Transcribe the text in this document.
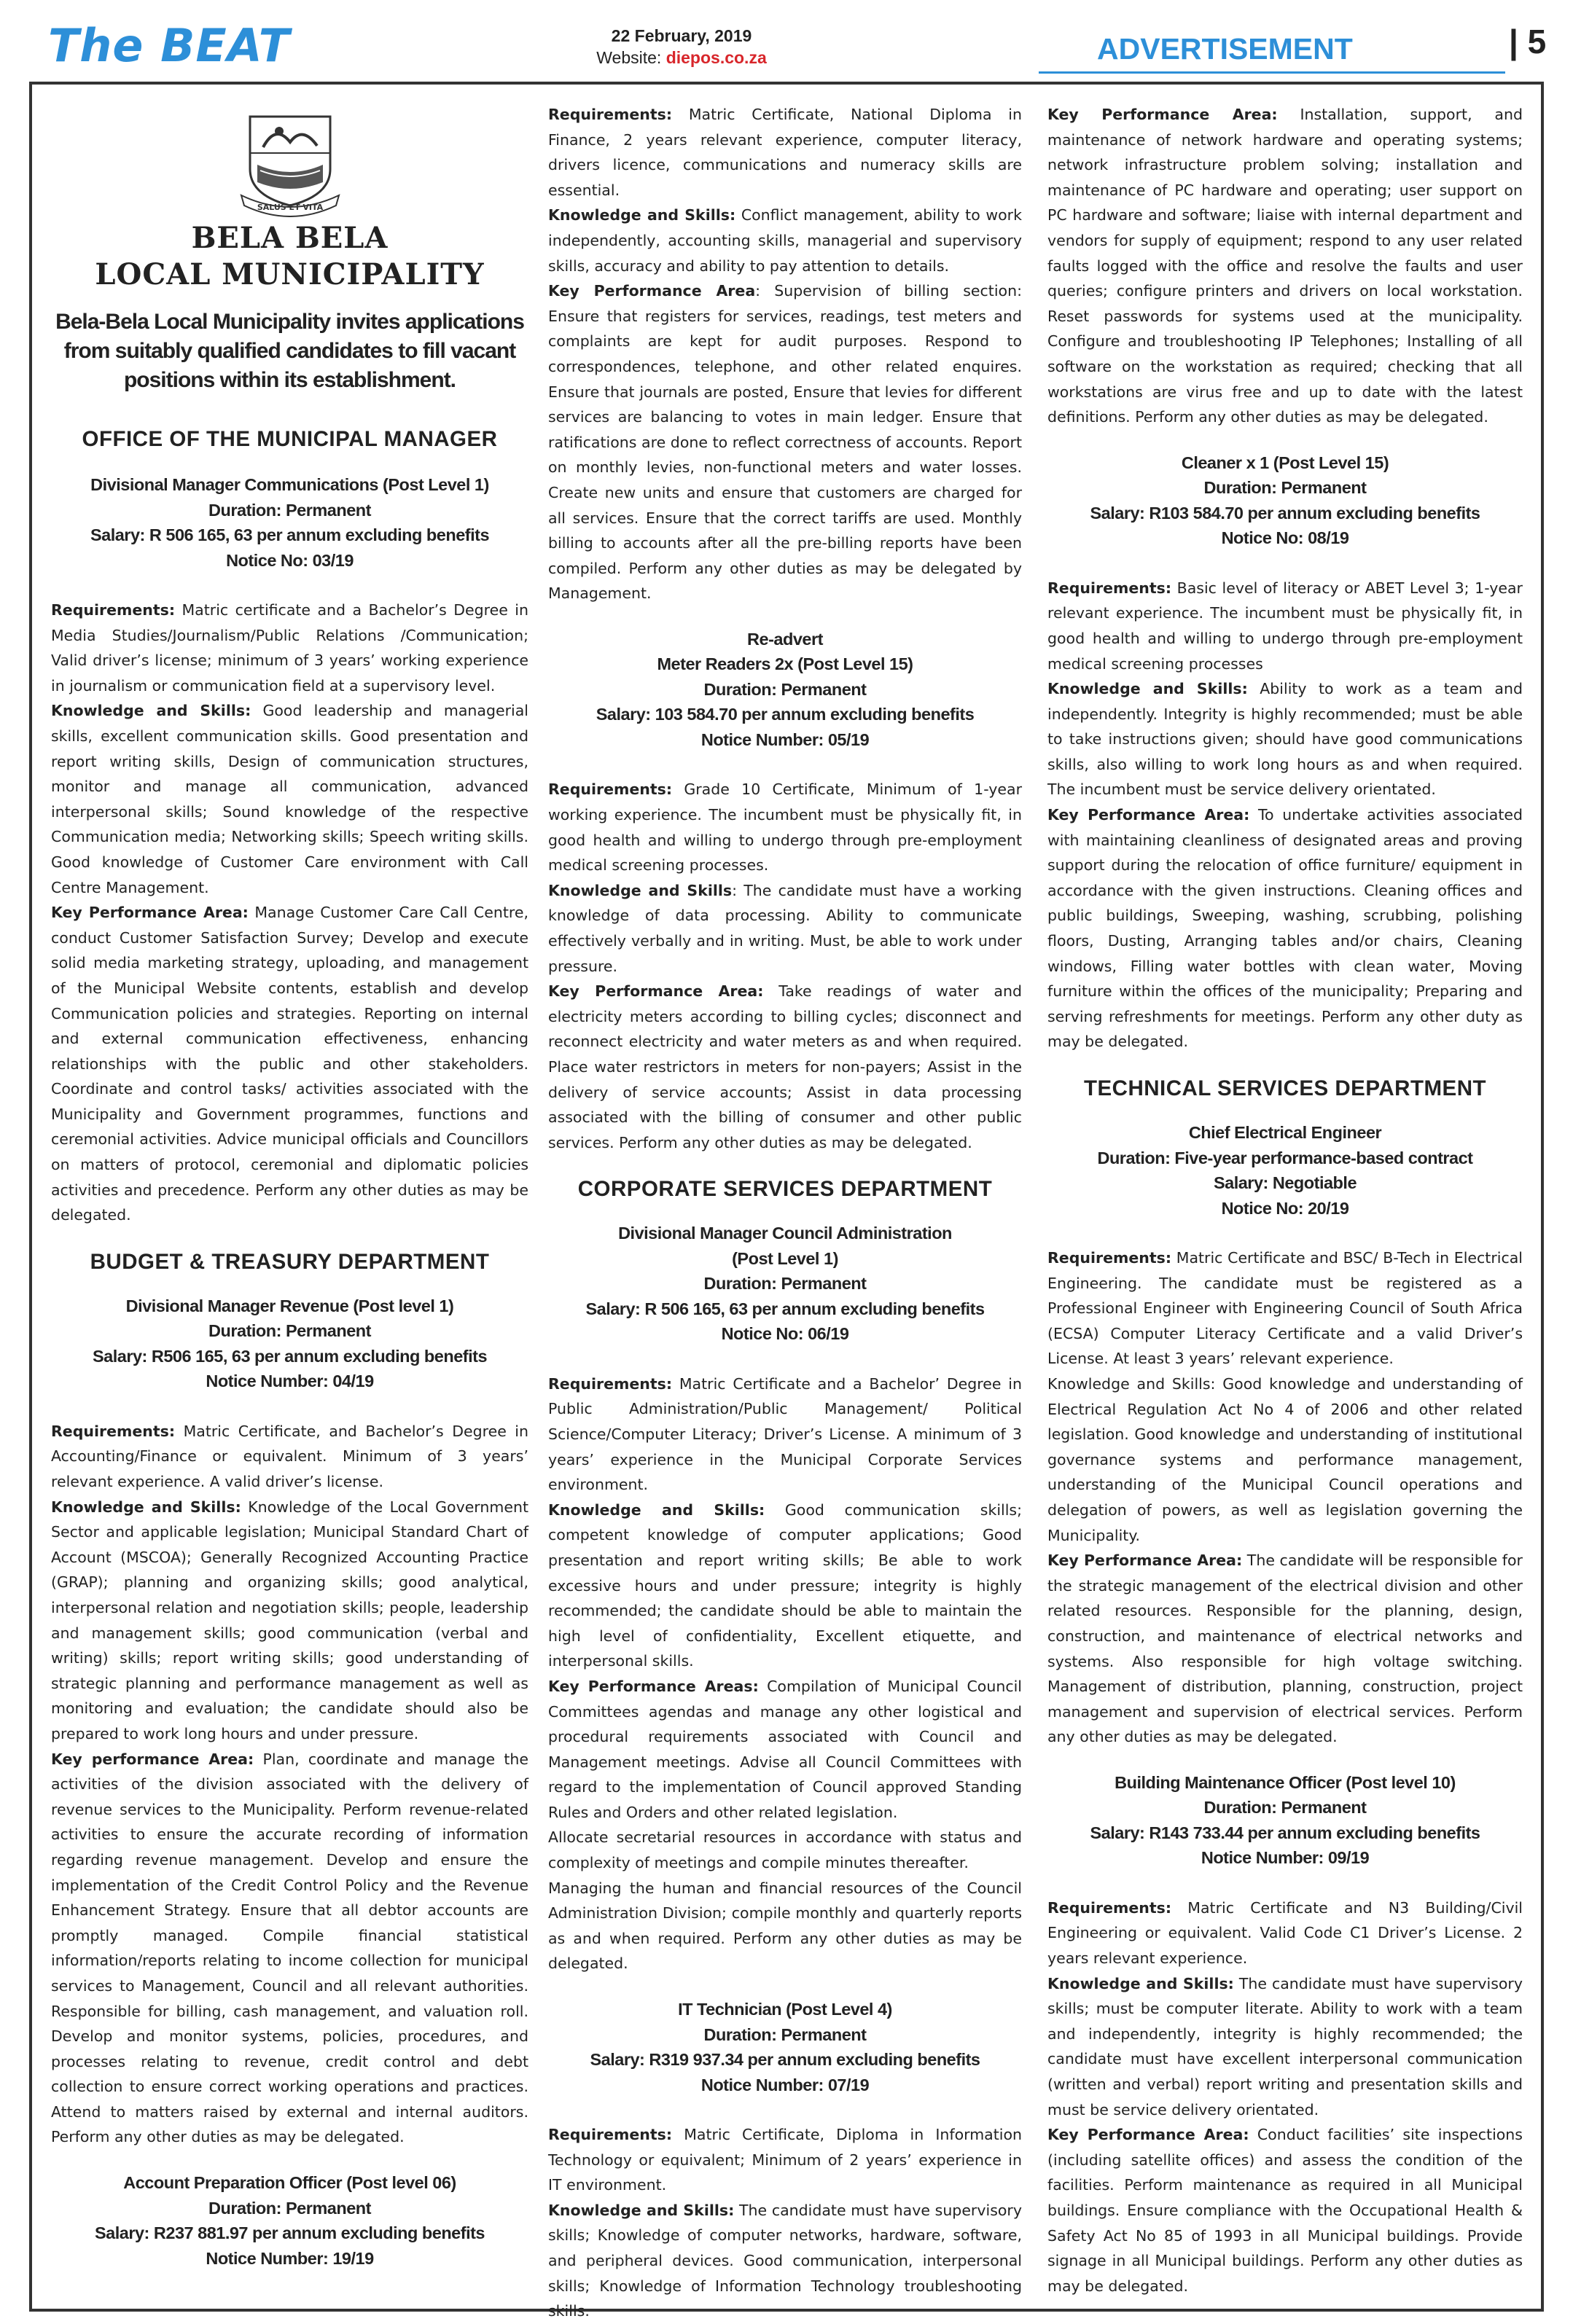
The BEAT	22 February, 2019
Website: diepos.co.za	ADVERTISEMENT	| 5
SALUS ET VITA
BELA BELA
LOCAL MUNICIPALITY
Bela-Bela Local Municipality invites applications from suitably qualified candidates to fill vacant positions within its establishment.
OFFICE OF THE MUNICIPAL MANAGER
Divisional Manager Communications (Post Level 1)
Duration: Permanent
Salary: R 506 165, 63 per annum excluding benefits
Notice No: 03/19

Requirements: Matric certificate and a Bachelor’s Degree in Media Studies/Journalism/Public Relations /Communication; Valid driver’s license; minimum of 3 years’ working experience in journalism or communication field at a supervisory level.

Knowledge and Skills: Good leadership and managerial skills, excellent communication skills. Good presentation and report writing skills, Design of communication structures, monitor and manage all communication, advanced interpersonal skills; Sound knowledge of the respective Communication media; Networking skills; Speech writing skills. Good knowledge of Customer Care environment with Call Centre Management.

Key Performance Area: Manage Customer Care Call Centre, conduct Customer Satisfaction Survey; Develop and execute solid media marketing strategy, uploading, and management of the Municipal Website contents, establish and develop Communication policies and strategies. Reporting on internal and external communication effectiveness, enhancing relationships with the public and other stakeholders. Coordinate and control tasks/ activities associated with the Municipality and Government programmes, functions and ceremonial activities. Advice municipal officials and Councillors on matters of protocol, ceremonial and diplomatic policies activities and precedence. Perform any other duties as may be delegated.

BUDGET & TREASURY DEPARTMENT
Divisional Manager Revenue (Post level 1)
Duration: Permanent
Salary: R506 165, 63 per annum excluding benefits
Notice Number: 04/19

Requirements: Matric Certificate, and Bachelor’s Degree in Accounting/Finance or equivalent. Minimum of 3 years’ relevant experience. A valid driver’s license.

Knowledge and Skills: Knowledge of the Local Government Sector and applicable legislation; Municipal Standard Chart of Account (MSCOA); Generally Recognized Accounting Practice (GRAP); planning and organizing skills; good analytical, interpersonal relation and negotiation skills; people, leadership and management skills; good communication (verbal and writing) skills; report writing skills; good understanding of strategic planning and performance management as well as monitoring and evaluation; the candidate should also be prepared to work long hours and under pressure.

Key performance Area: Plan, coordinate and manage the activities of the division associated with the delivery of revenue services to the Municipality. Perform revenue-related activities to ensure the accurate recording of information regarding revenue management. Develop and ensure the implementation of the Credit Control Policy and the Revenue Enhancement Strategy. Ensure that all debtor accounts are promptly managed. Compile financial statistical information/reports relating to income collection for municipal services to Management, Council and all relevant authorities. Responsible for billing, cash management, and valuation roll. Develop and monitor systems, policies, procedures, and processes relating to revenue, credit control and debt collection to ensure correct working operations and practices. Attend to matters raised by external and internal auditors. Perform any other duties as may be delegated.

Account Preparation Officer (Post level 06)
Duration: Permanent
Salary: R237 881.97 per annum excluding benefits
Notice Number: 19/19

Requirements: Matric Certificate, National Diploma in Finance, 2 years relevant experience, computer literacy, drivers licence, communications and numeracy skills are essential.

Knowledge and Skills: Conflict management, ability to work independently, accounting skills, managerial and supervisory skills, accuracy and ability to pay attention to details.

Key Performance Area: Supervision of billing section: Ensure that registers for services, readings, test meters and complaints are kept for audit purposes. Respond to correspondences, telephone, and other related enquires. Ensure that journals are posted, Ensure that levies for different services are balancing to votes in main ledger. Ensure that ratifications are done to reflect correctness of accounts. Report on monthly levies, non-functional meters and water losses. Create new units and ensure that customers are charged for all services. Ensure that the correct tariffs are used. Monthly billing to accounts after all the pre-billing reports have been compiled. Perform any other duties as may be delegated by Management.

Re-advert
Meter Readers 2x (Post Level 15)
Duration: Permanent
Salary: 103 584.70 per annum excluding benefits
Notice Number: 05/19

Requirements: Grade 10 Certificate, Minimum of 1-year working experience. The incumbent must be physically fit, in good health and willing to undergo through pre-employment medical screening processes.

Knowledge and Skills: The candidate must have a working knowledge of data processing. Ability to communicate effectively verbally and in writing. Must, be able to work under pressure.

Key Performance Area: Take readings of water and electricity meters according to billing cycles; disconnect and reconnect electricity and water meters as and when required. Place water restrictors in meters for non-payers; Assist in the delivery of service accounts; Assist in data processing associated with the billing of consumer and other public services. Perform any other duties as may be delegated.

CORPORATE SERVICES DEPARTMENT
Divisional Manager Council Administration
(Post Level 1)
Duration: Permanent
Salary: R 506 165, 63 per annum excluding benefits
Notice No: 06/19

Requirements: Matric Certificate and a Bachelor’ Degree in Public Administration/Public Management/ Political Science/Computer Literacy; Driver’s License. A minimum of 3 years’ experience in the Municipal Corporate Services environment.

Knowledge and Skills: Good communication skills; competent knowledge of computer applications; Good presentation and report writing skills; Be able to work excessive hours and under pressure; integrity is highly recommended; the candidate should be able to maintain the high level of confidentiality, Excellent etiquette, and interpersonal skills.

Key Performance Areas: Compilation of Municipal Council Committees agendas and manage any other logistical and procedural requirements associated with Council and Management meetings. Advise all Council Committees with regard to the implementation of Council approved Standing Rules and Orders and other related legislation.

Allocate secretarial resources in accordance with status and complexity of meetings and compile minutes thereafter.

Managing the human and financial resources of the Council Administration Division; compile monthly and quarterly reports as and when required. Perform any other duties as may be delegated.

IT Technician (Post Level 4)
Duration: Permanent
Salary: R319 937.34 per annum excluding benefits
Notice Number: 07/19

Requirements: Matric Certificate, Diploma in Information Technology or equivalent; Minimum of 2 years’ experience in IT environment.

Knowledge and Skills: The candidate must have supervisory skills; Knowledge of computer networks, hardware, software, and peripheral devices. Good communication, interpersonal skills; Knowledge of Information Technology troubleshooting skills.

Key Performance Area: Installation, support, and maintenance of network hardware and operating systems; network infrastructure problem solving; installation and maintenance of PC hardware and operating; user support on PC hardware and software; liaise with internal department and vendors for supply of equipment; respond to any user related faults logged with the office and resolve the faults and user queries; configure printers and drivers on local workstation. Reset passwords for systems used at the municipality. Configure and troubleshooting IP Telephones; Installing of all software on the workstation as required; checking that all workstations are virus free and up to date with the latest definitions. Perform any other duties as may be delegated.

Cleaner x 1 (Post Level 15)
Duration: Permanent
Salary: R103 584.70 per annum excluding benefits
Notice No: 08/19

Requirements: Basic level of literacy or ABET Level 3; 1-year relevant experience. The incumbent must be physically fit, in good health and willing to undergo through pre-employment medical screening processes

Knowledge and Skills: Ability to work as a team and independently. Integrity is highly recommended; must be able to take instructions given; should have good communications skills, also willing to work long hours as and when required. The incumbent must be service delivery orientated.

Key Performance Area: To undertake activities associated with maintaining cleanliness of designated areas and proving support during the relocation of office furniture/ equipment in accordance with the given instructions. Cleaning offices and public buildings, Sweeping, washing, scrubbing, polishing floors, Dusting, Arranging tables and/or chairs, Cleaning windows, Filling water bottles with clean water, Moving furniture within the offices of the municipality; Preparing and serving refreshments for meetings. Perform any other duty as may be delegated.

TECHNICAL SERVICES DEPARTMENT
Chief Electrical Engineer
Duration: Five-year performance-based contract
Salary: Negotiable
Notice No: 20/19

Requirements: Matric Certificate and BSC/ B-Tech in Electrical Engineering. The candidate must be registered as a Professional Engineer with Engineering Council of South Africa (ECSA) Computer Literacy Certificate and a valid Driver’s License. At least 3 years’ relevant experience.

Knowledge and Skills: Good knowledge and understanding of Electrical Regulation Act No 4 of 2006 and other related legislation. Good knowledge and understanding of institutional governance systems and performance management, understanding of the Municipal Council operations and delegation of powers, as well as legislation governing the Municipality.

Key Performance Area: The candidate will be responsible for the strategic management of the electrical division and other related resources. Responsible for the planning, design, construction, and maintenance of electrical networks and systems. Also responsible for high voltage switching. Management of distribution, planning, construction, project management and supervision of electrical services. Perform any other duties as may be delegated.

Building Maintenance Officer (Post level 10)
Duration: Permanent
Salary: R143 733.44 per annum excluding benefits
Notice Number: 09/19

Requirements: Matric Certificate and N3 Building/Civil Engineering or equivalent. Valid Code C1 Driver’s License. 2 years relevant experience.

Knowledge and Skills: The candidate must have supervisory skills; must be computer literate. Ability to work with a team and independently, integrity is highly recommended; the candidate must have excellent interpersonal communication (written and verbal) report writing and presentation skills and must be service delivery orientated.

Key Performance Area: Conduct facilities’ site inspections (including satellite offices) and assess the condition of the facilities. Perform maintenance as required in all Municipal buildings. Ensure compliance with the Occupational Health & Safety Act No 85 of 1993 in all Municipal buildings. Provide signage in all Municipal buildings. Perform any other duties as may be delegated.
